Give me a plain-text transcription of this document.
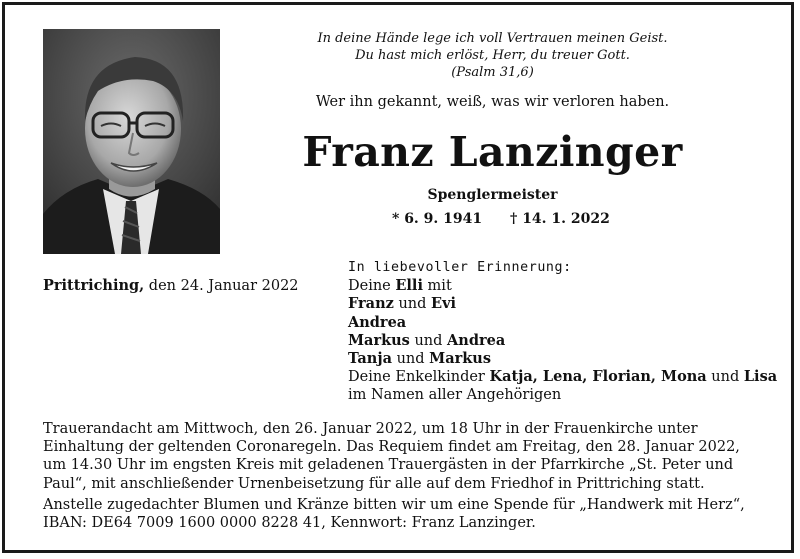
In deine Hände lege ich voll Vertrauen meinen Geist.
Du hast mich erlöst, Herr, du treuer Gott.
(Psalm 31,6)
Wer ihn gekannt, weiß, was wir verloren haben.
Franz Lanzinger
Spenglermeister
* 6. 9. 1941 † 14. 1. 2022
Prittriching, den 24. Januar 2022
In liebevoller Erinnerung:
Deine Elli mit
Franz und Evi
Andrea
Markus und Andrea
Tanja und Markus
Deine Enkelkinder Katja, Lena, Florian, Mona und Lisa
im Namen aller Angehörigen

Trauerandacht am Mittwoch, den 26. Januar 2022, um 18 Uhr in der Frauenkirche unter Einhaltung der geltenden Coronaregeln. Das Requiem findet am Freitag, den 28. Januar 2022, um 14.30 Uhr im engsten Kreis mit geladenen Trauergästen in der Pfarrkirche „St. Peter und Paul“, mit anschließender Urnenbeisetzung für alle auf dem Friedhof in Prittriching statt.

Anstelle zugedachter Blumen und Kränze bitten wir um eine Spende für „Handwerk mit Herz“, IBAN: DE64 7009 1600 0000 8228 41, Kennwort: Franz Lanzinger.
